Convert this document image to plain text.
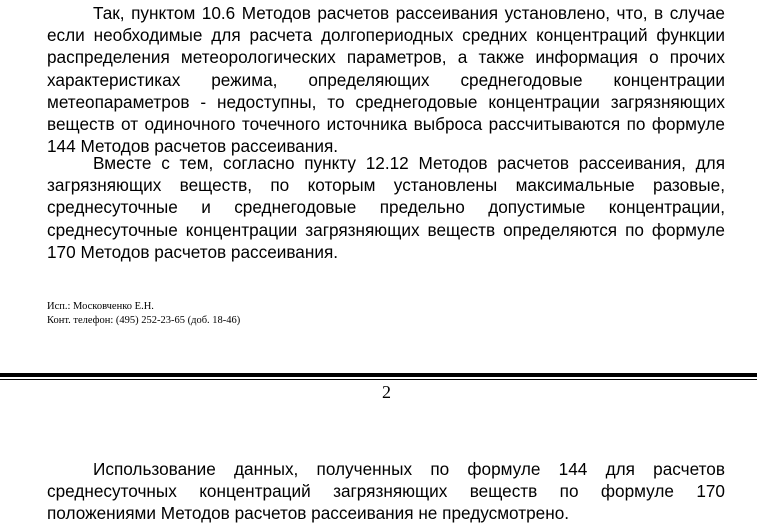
Так, пунктом 10.6 Методов расчетов рассеивания установлено, что, в случае если необходимые для расчета долгопериодных средних концентраций функции распределения метеорологических параметров, а также информация о прочих характеристиках режима, определяющих среднегодовые концентрации метеопараметров - недоступны, то среднегодовые концентрации загрязняющих веществ от одиночного точечного источника выброса рассчитываются по формуле 144 Методов расчетов рассеивания.

Вместе с тем, согласно пункту 12.12 Методов расчетов рассеивания, для загрязняющих веществ, по которым установлены максимальные разовые, среднесуточные и среднегодовые предельно допустимые концентрации, среднесуточные концентрации загрязняющих веществ определяются по формуле 170 Методов расчетов рассеивания.

Исп.: Московченко Е.Н.
Конт. телефон: (495) 252-23-65 (доб. 18-46)
2

Использование данных, полученных по формуле 144 для расчетов среднесуточных концентраций загрязняющих веществ по формуле 170 положениями Методов расчетов рассеивания не предусмотрено.
